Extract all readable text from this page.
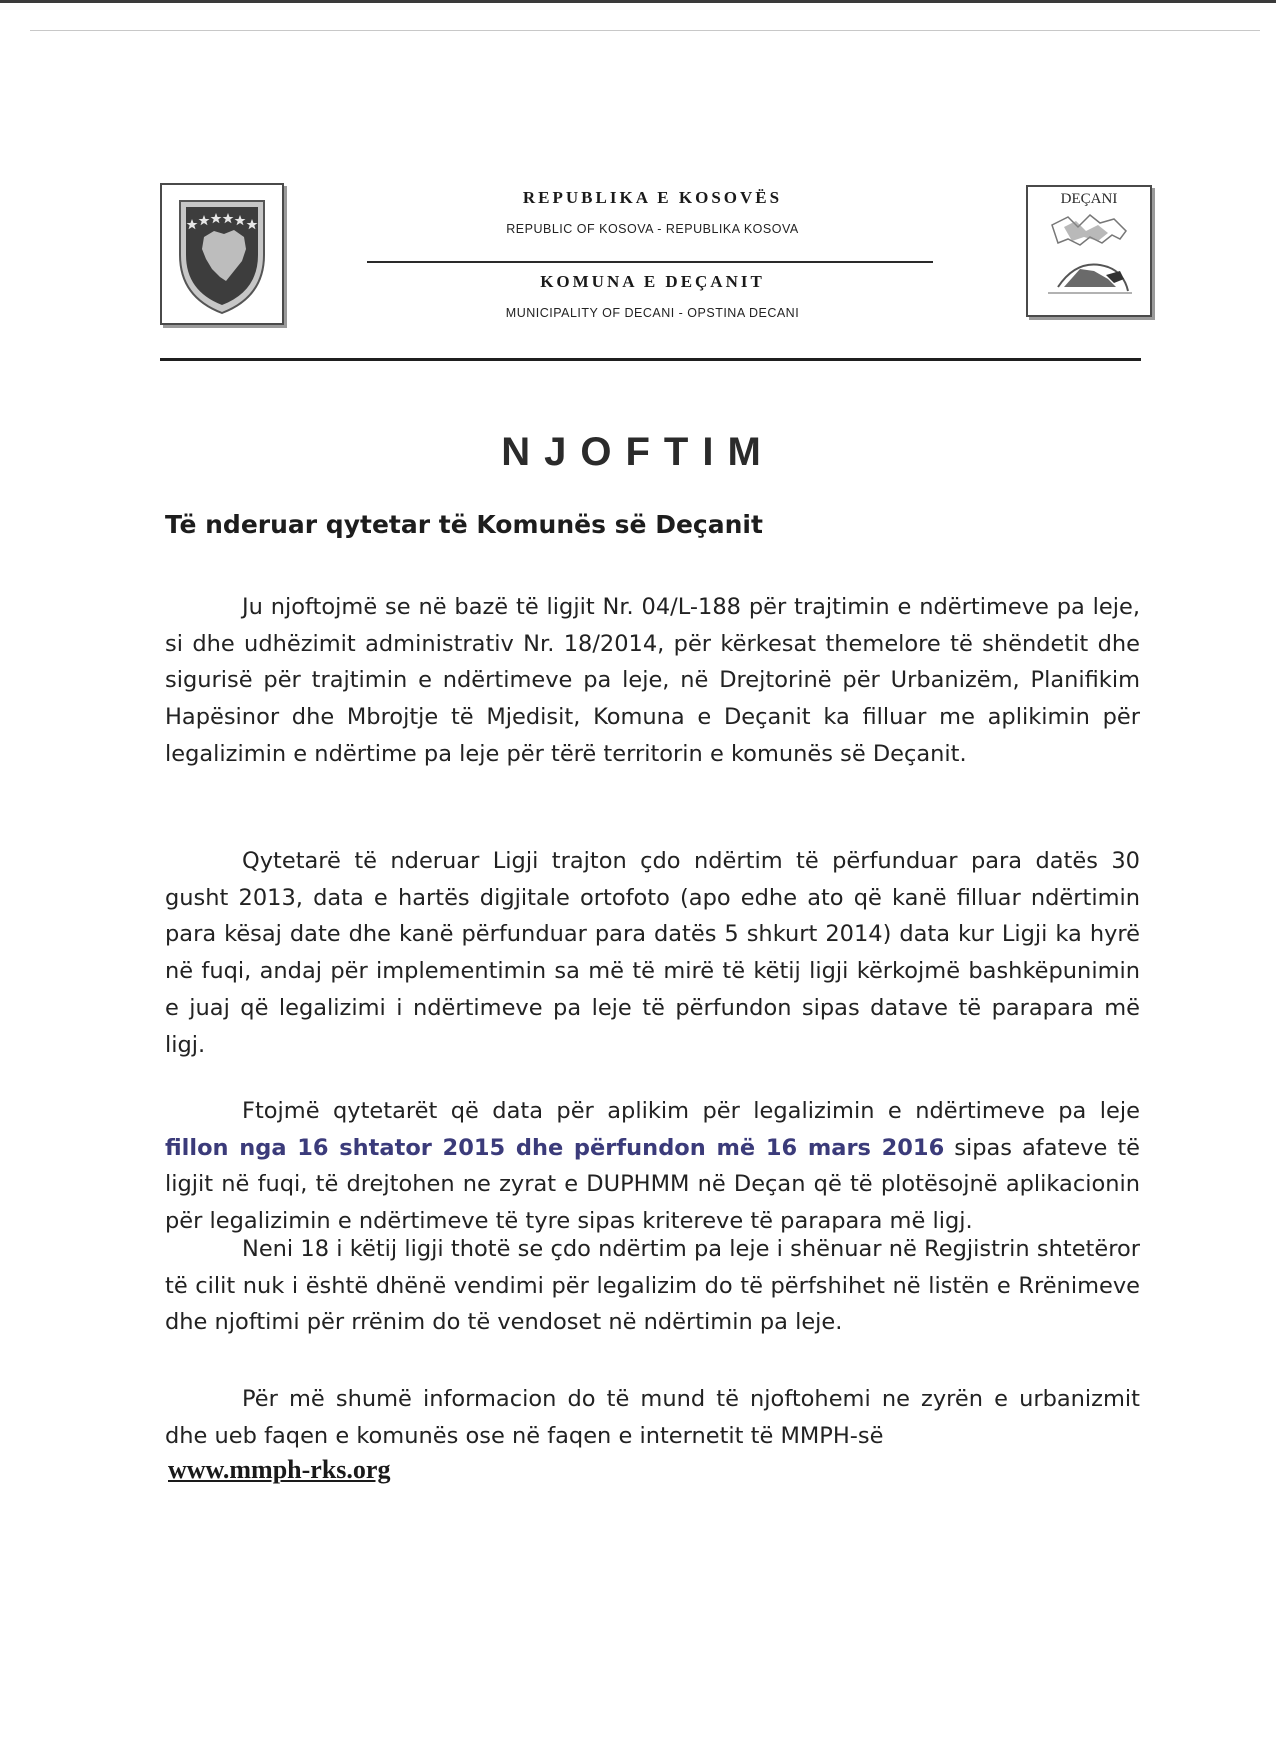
REPUBLIKA E KOSOVËS
REPUBLIC OF KOSOVA - REPUBLIKA KOSOVA
KOMUNA E DEÇANIT
MUNICIPALITY OF DECANI - OPSTINA DECANI
DEÇANI
NJOFTIM
Të nderuar qytetar të Komunës së Deçanit

Ju njoftojmë se në bazë të ligjit Nr. 04/L-188 për trajtimin e ndërtimeve pa leje, si dhe udhëzimit administrativ Nr. 18/2014, për kërkesat themelore të shëndetit dhe sigurisë për trajtimin e ndërtimeve pa leje, në Drejtorinë për Urbanizëm, Planifikim Hapësinor dhe Mbrojtje të Mjedisit, Komuna e Deçanit ka filluar me aplikimin për legalizimin e ndërtime pa leje për tërë territorin e komunës së Deçanit.

Qytetarë të nderuar Ligji trajton çdo ndërtim të përfunduar para datës 30 gusht 2013, data e hartës digjitale ortofoto (apo edhe ato që kanë filluar ndërtimin para kësaj date dhe kanë përfunduar para datës 5 shkurt 2014) data kur Ligji ka hyrë në fuqi, andaj për implementimin sa më të mirë të këtij ligji kërkojmë bashkëpunimin e juaj që legalizimi i ndërtimeve pa leje të përfundon sipas datave të parapara më ligj.

Ftojmë qytetarët që data për aplikim për legalizimin e ndërtimeve pa leje fillon nga 16 shtator 2015 dhe përfundon më 16 mars 2016 sipas afateve të ligjit në fuqi, të drejtohen ne zyrat e DUPHMM në Deçan që të plotësojnë aplikacionin për legalizimin e ndërtimeve të tyre sipas kritereve të parapara më ligj.

Neni 18 i këtij ligji thotë se çdo ndërtim pa leje i shënuar në Regjistrin shtetëror të cilit nuk i është dhënë vendimi për legalizim do të përfshihet në listën e Rrënimeve dhe njoftimi për rrënim do të vendoset në ndërtimin pa leje.

Për më shumë informacion do të mund të njoftohemi ne zyrën e urbanizmit dhe ueb faqen e komunës ose në faqen e internetit të MMPH-së

www.mmph-rks.org
